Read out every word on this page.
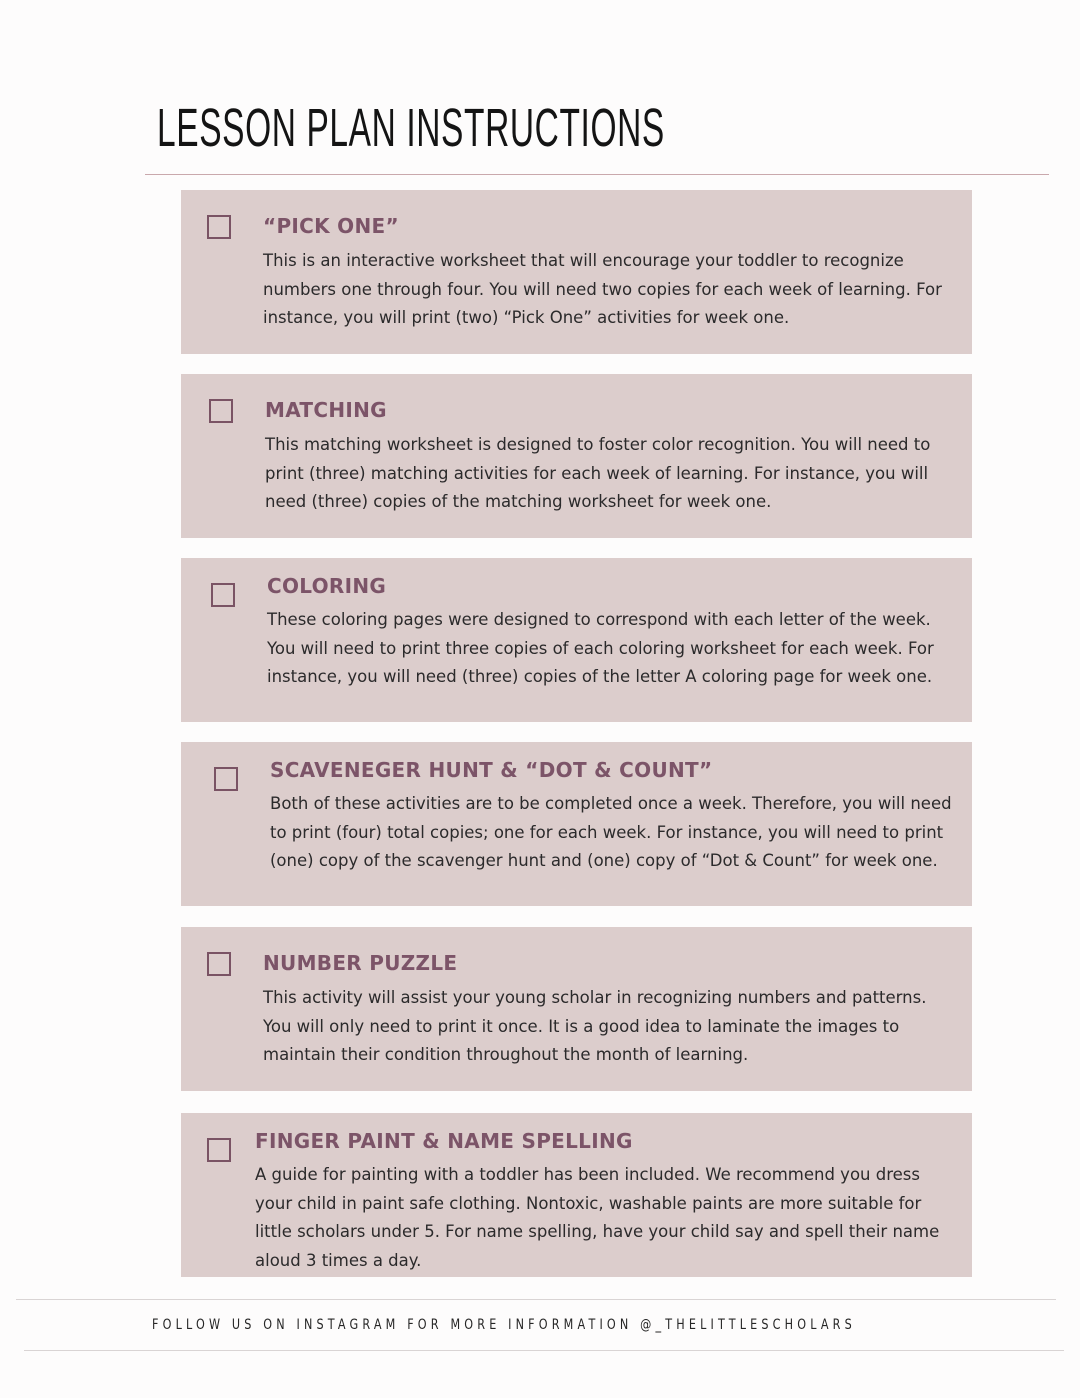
LESSON PLAN INSTRUCTIONS
“PICK ONE”

This is an interactive worksheet that will encourage your toddler to recognize numbers one through four. You will need two copies for each week of learning. For instance, you will print (two) “Pick One” activities for week one.

MATCHING

This matching worksheet is designed to foster color recognition. You will need to print (three) matching activities for each week of learning. For instance, you will need (three) copies of the matching worksheet for week one.

COLORING

These coloring pages were designed to correspond with each letter of the week. You will need to print three copies of each coloring worksheet for each week. For instance, you will need (three) copies of the letter A coloring page for week one.

SCAVENEGER HUNT & “DOT & COUNT”

Both of these activities are to be completed once a week. Therefore, you will need to print (four) total copies; one for each week. For instance, you will need to print (one) copy of the scavenger hunt and (one) copy of “Dot & Count” for week one.

NUMBER PUZZLE

This activity will assist your young scholar in recognizing numbers and patterns. You will only need to print it once. It is a good idea to laminate the images to maintain their condition throughout the month of learning.

FINGER PAINT & NAME SPELLING

A guide for painting with a toddler has been included. We recommend you dress your child in paint safe clothing. Nontoxic, washable paints are more suitable for little scholars under 5. For name spelling, have your child say and spell their name aloud 3 times a day.

FOLLOW US ON INSTAGRAM FOR MORE INFORMATION @_THELITTLESCHOLARS
